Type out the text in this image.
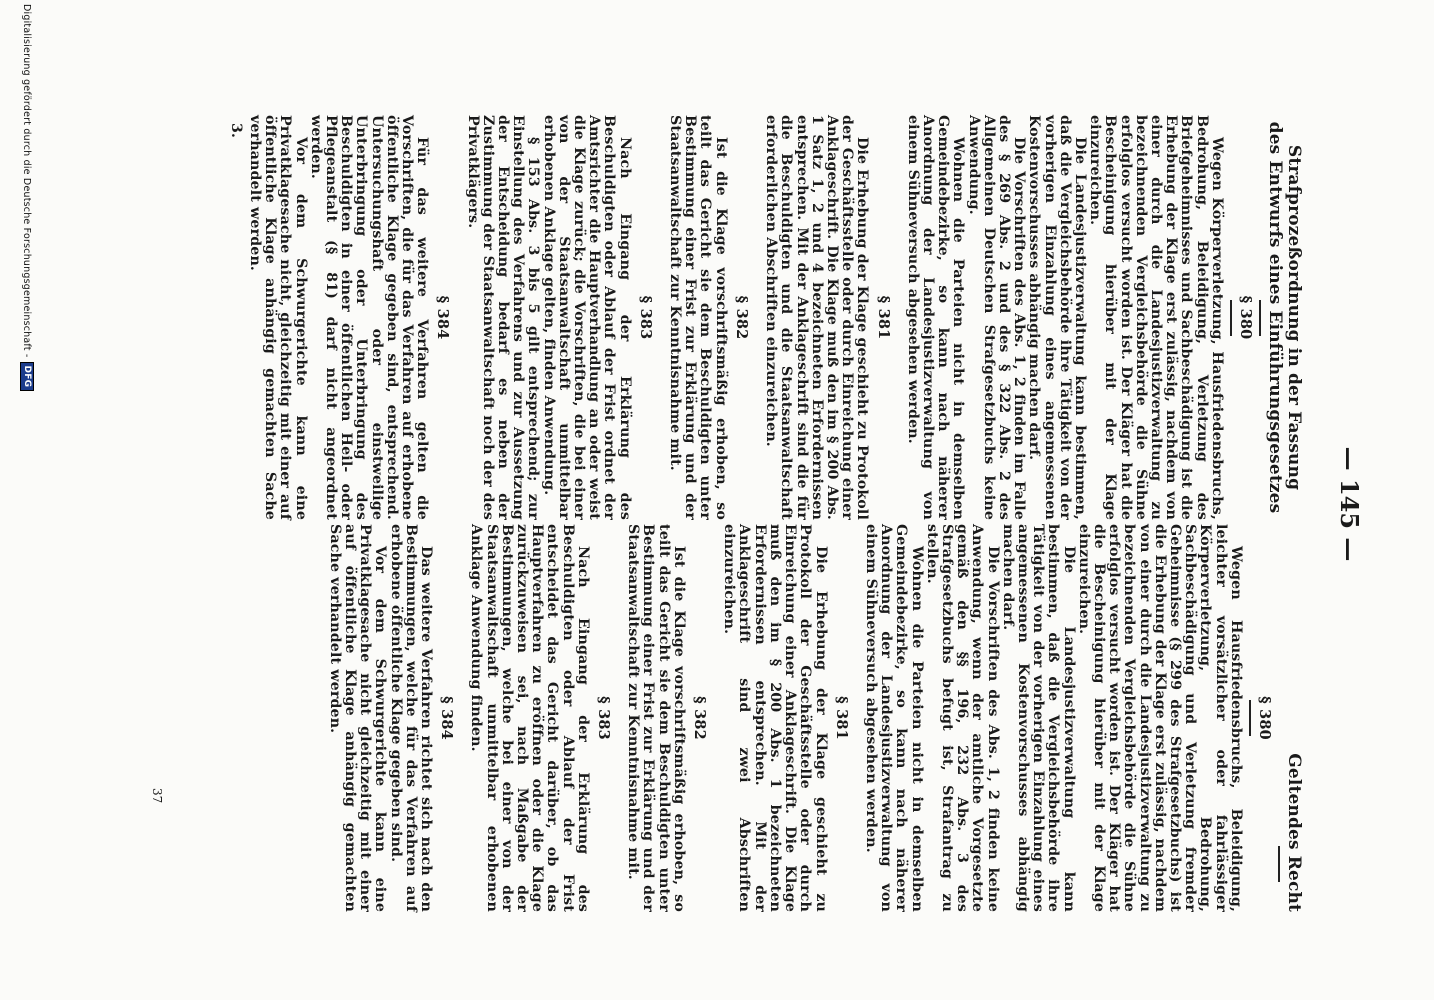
— 145 —
Strafprozeßordnung in der Fassung
des Entwurfs eines Einführungsgesetzes
§ 380

Wegen Körperverletzung, Hausfriedensbruchs, Bedrohung, Beleidigung, Verletzung des Briefgeheimnisses und Sachbeschädigung ist die Erhebung der Klage erst zulässig, nachdem von einer durch die Landesjustizverwaltung zu bezeichnenden Vergleichsbehörde die Sühne erfolglos versucht worden ist. Der Kläger hat die Bescheinigung hierüber mit der Klage einzureichen.

Die Landesjustizverwaltung kann bestimmen, daß die Vergleichsbehörde ihre Tätigkeit von der vorherigen Einzahlung eines angemessenen Kostenvorschusses abhängig machen darf.

Die Vorschriften des Abs. 1, 2 finden im Falle des § 269 Abs. 2 und des § 322 Abs. 2 des Allgemeinen Deutschen Strafgesetzbuchs keine Anwendung.

Wohnen die Parteien nicht in demselben Gemeindebezirke, so kann nach näherer Anordnung der Landesjustizverwaltung von einem Sühneversuch abgesehen werden.

§ 381

Die Erhebung der Klage geschieht zu Protokoll der Geschäftsstelle oder durch Einreichung einer Anklageschrift. Die Klage muß den im § 200 Abs. 1 Satz 1, 2 und 4 bezeichneten Erfordernissen entsprechen. Mit der Anklageschrift sind die für die Beschuldigten und die Staatsanwaltschaft erforderlichen Abschriften einzureichen.

§ 382

Ist die Klage vorschriftsmäßig erhoben, so teilt das Gericht sie dem Beschuldigten unter Bestimmung einer Frist zur Erklärung und der Staatsanwaltschaft zur Kenntnisnahme mit.

§ 383

Nach Eingang der Erklärung des Beschuldigten oder Ablauf der Frist ordnet der Amtsrichter die Hauptverhandlung an oder weist die Klage zurück; die Vorschriften, die bei einer von der Staatsanwaltschaft unmittelbar erhobenen Anklage gelten, finden Anwendung.

§ 153 Abs. 3 bis 5 gilt entsprechend; zur Einstellung des Verfahrens und zur Aussetzung der Entscheidung bedarf es neben der Zustimmung der Staatsanwaltschaft noch der des Privatklägers.

§ 384

Für das weitere Verfahren gelten die Vorschriften, die für das Verfahren auf erhobene öffentliche Klage gegeben sind, entsprechend. Untersuchungshaft oder einstweilige Unterbringung oder Unterbringung des Beschuldigten in einer öffentlichen Heil- oder Pflegeanstalt (§ 81) darf nicht angeordnet werden.

Vor dem Schwurgerichte kann eine Privatklagesache nicht, gleichzeitig mit einer auf öffentliche Klage anhängig gemachten Sache verhandelt werden.

3.
Geltendes Recht
§ 380

Wegen Hausfriedensbruchs, Beleidigung, leichter vorsätzlicher oder fahrlässiger Körperverletzung, Bedrohung, Sachbeschädigung und Verletzung fremder Geheimnisse (§ 299 des Strafgesetzbuchs) ist die Erhebung der Klage erst zulässig, nachdem von einer durch die Landesjustizverwaltung zu bezeichnenden Vergleichsbehörde die Sühne erfolglos versucht worden ist. Der Kläger hat die Bescheinigung hierüber mit der Klage einzureichen.

Die Landesjustizverwaltung kann bestimmen, daß die Vergleichsbehörde ihre Tätigkeit von der vorherigen Einzahlung eines angemessenen Kostenvorschusses abhängig machen darf.

Die Vorschriften des Abs. 1, 2 finden keine Anwendung, wenn der amtliche Vorgesetzte gemäß den §§ 196, 232 Abs. 3 des Strafgesetzbuchs befugt ist, Strafantrag zu stellen.

Wohnen die Parteien nicht in demselben Gemeindebezirke, so kann nach näherer Anordnung der Landesjustizverwaltung von einem Sühneversuch abgesehen werden.

§ 381

Die Erhebung der Klage geschieht zu Protokoll der Geschäftsstelle oder durch Einreichung einer Anklageschrift. Die Klage muß den im § 200 Abs. 1 bezeichneten Erfordernissen entsprechen. Mit der Anklageschrift sind zwei Abschriften einzureichen.

§ 382

Ist die Klage vorschriftsmäßig erhoben, so teilt das Gericht sie dem Beschuldigten unter Bestimmung einer Frist zur Erklärung und der Staatsanwaltschaft zur Kenntnisnahme mit.

§ 383

Nach Eingang der Erklärung des Beschuldigten oder Ablauf der Frist entscheidet das Gericht darüber, ob das Hauptverfahren zu eröffnen oder die Klage zurückzuweisen sei, nach Maßgabe der Bestimmungen, welche bei einer von der Staatsanwaltschaft unmittelbar erhobenen Anklage Anwendung finden.

§ 384

Das weitere Verfahren richtet sich nach den Bestimmungen, welche für das Verfahren auf erhobene öffentliche Klage gegeben sind.

Vor dem Schwurgerichte kann eine Privatklagesache nicht gleichzeitig mit einer auf öffentliche Klage anhängig gemachten Sache verhandelt werden.

37
Digitalisierung gefördert durch die Deutsche Forschungsgemeinschaft -
DFG
